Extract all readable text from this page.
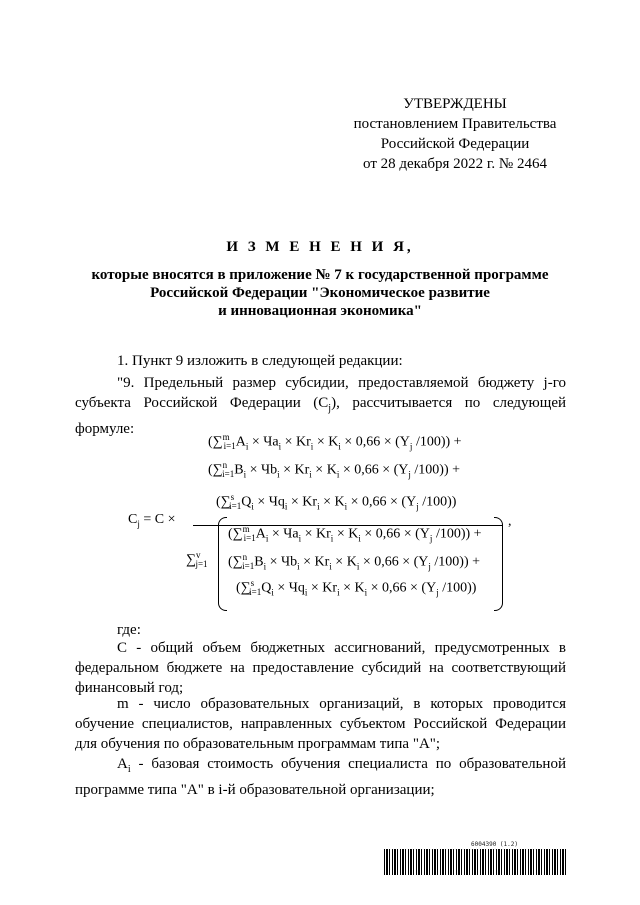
УТВЕРЖДЕНЫ
постановлением Правительства
Российской Федерации
от 28 декабря 2022 г. № 2464
И З М Е Н Е Н И Я,
которые вносятся в приложение № 7 к государственной программе
Российской Федерации "Экономическое развитие
и инновационная экономика"
1. Пункт 9 изложить в следующей редакции:
"9. Предельный размер субсидии, предоставляемой бюджету j-го субъекта Российской Федерации $(C_j)$, рассчитывается по следующей формуле:
($\sum^m_{i=1}A_i \times Ча_i \times Kr_i \times K_i \times 0,66 \times (Y_j$ /100)) +
($\sum^n_{i=1}B_i \times Чb_i \times Kr_i \times K_i \times 0,66 \times (Y_j$ /100)) +
($\sum^s_{i=1}Q_i \times Чq_i \times Kr_i \times K_i \times 0,66 \times (Y_j$ /100))
$C_j = C$ ×	,
∑$^v_{j=1}$
($\sum^m_{i=1}A_i \times Ча_i \times Kr_i \times K_i \times 0,66 \times (Y_j$ /100)) +
($\sum^n_{i=1}B_i \times Чb_i \times Kr_i \times K_i \times 0,66 \times (Y_j$ /100)) +
($\sum^s_{i=1}Q_i \times Чq_i \times Kr_i \times K_i \times 0,66 \times (Y_j$ /100))
где:
С - общий объем бюджетных ассигнований, предусмотренных в федеральном бюджете на предоставление субсидий на соответствующий финансовый год;
m - число образовательных организаций, в которых проводится обучение специалистов, направленных субъектом Российской Федерации для обучения по образовательным программам типа "А";
$A_i$ - базовая стоимость обучения специалиста по образовательной программе типа "А" в i-й образовательной организации;
6004390 (1.2)
